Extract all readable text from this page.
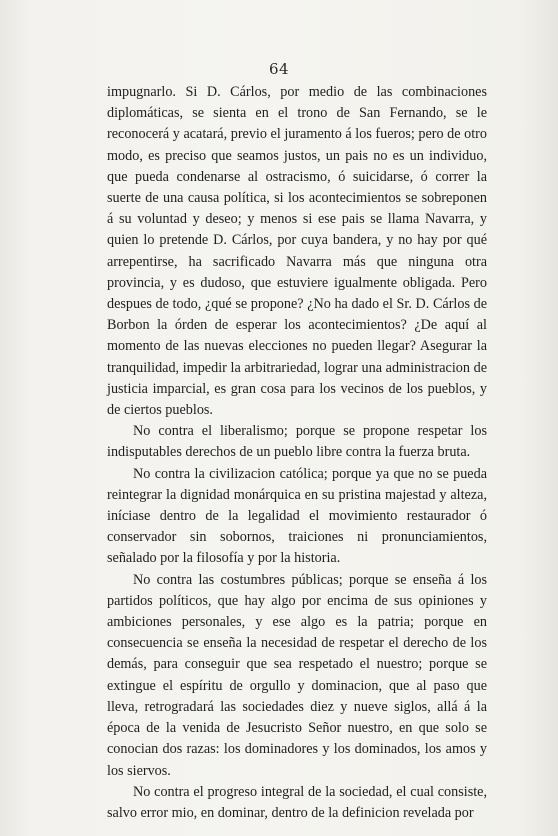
64

impugnarlo. Si D. Cárlos, por medio de las combinaciones diplomáticas, se sienta en el trono de San Fernando, se le reconocerá y acatará, previo el juramento á los fueros; pero de otro modo, es preciso que seamos justos, un pais no es un individuo, que pueda condenarse al ostracismo, ó suicidarse, ó correr la suerte de una causa política, si los acontecimientos se sobreponen á su voluntad y deseo; y menos si ese pais se llama Navarra, y quien lo pretende D. Cárlos, por cuya bandera, y no hay por qué arrepentirse, ha sacrificado Navarra más que ninguna otra provincia, y es dudoso, que estuviere igualmente obligada. Pero despues de todo, ¿qué se propone? ¿No ha dado el Sr. D. Cárlos de Borbon la órden de esperar los acontecimientos? ¿De aquí al momento de las nuevas elecciones no pueden llegar? Asegurar la tranquilidad, impedir la arbitrariedad, lograr una administracion de justicia imparcial, es gran cosa para los vecinos de los pueblos, y de ciertos pueblos.

No contra el liberalismo; porque se propone respetar los indisputables derechos de un pueblo libre contra la fuerza bruta.

No contra la civilizacion católica; porque ya que no se pueda reintegrar la dignidad monárquica en su pristina majestad y alteza, iníciase dentro de la legalidad el movimiento restaurador ó conservador sin sobornos, traiciones ni pronunciamientos, señalado por la filosofía y por la historia.

No contra las costumbres públicas; porque se enseña á los partidos políticos, que hay algo por encima de sus opiniones y ambiciones personales, y ese algo es la patria; porque en consecuencia se enseña la necesidad de respetar el derecho de los demás, para conseguir que sea respetado el nuestro; porque se extingue el espíritu de orgullo y dominacion, que al paso que lleva, retrogradará las sociedades diez y nueve siglos, allá á la época de la venida de Jesucristo Señor nuestro, en que solo se conocian dos razas: los dominadores y los dominados, los amos y los siervos.

No contra el progreso integral de la sociedad, el cual consiste, salvo error mio, en dominar, dentro de la definicion revelada por
